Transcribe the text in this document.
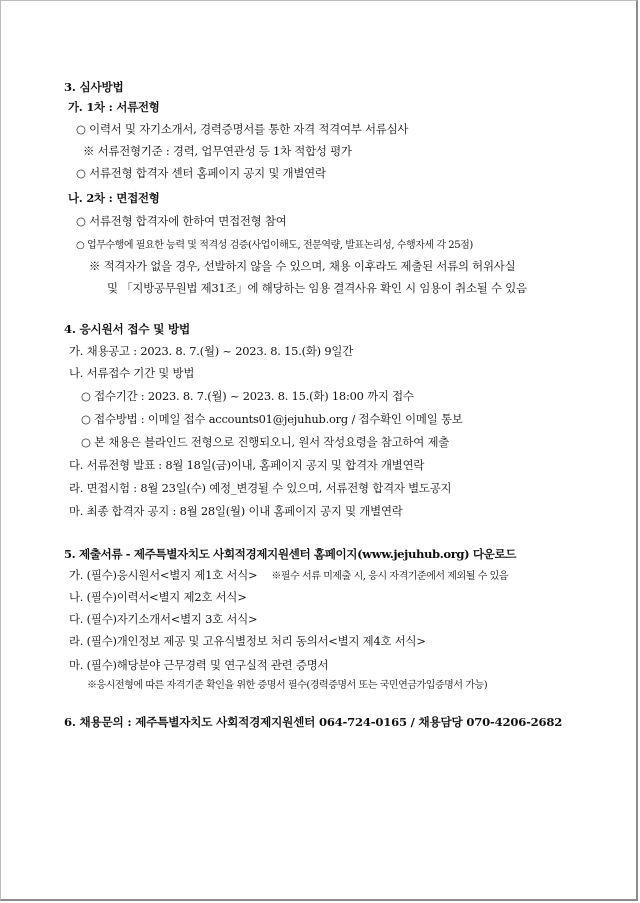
3. 심사방법
가. 1차 : 서류전형
○ 이력서 및 자기소개서, 경력증명서를 통한 자격 적격여부 서류심사
※ 서류전형기준 : 경력, 업무연관성 등 1차 적합성 평가
○ 서류전형 합격자 센터 홈페이지 공지 및 개별연락
나. 2차 : 면접전형
○ 서류전형 합격자에 한하여 면접전형 참여
○ 업무수행에 필요한 능력 및 적격성 검증(사업이해도, 전문역량, 발표논리성, 수행자세 각 25점)
※ 적격자가 없을 경우, 선발하지 않을 수 있으며, 채용 이후라도 제출된 서류의 허위사실
및 「지방공무원법 제31조」에 해당하는 임용 결격사유 확인 시 임용이 취소될 수 있음
4. 응시원서 접수 및 방법
가. 채용공고 : 2023. 8. 7.(월) ~ 2023. 8. 15.(화) 9일간
나. 서류접수 기간 및 방법
○ 접수기간 : 2023. 8. 7.(월) ~ 2023. 8. 15.(화) 18:00 까지 접수
○ 접수방법 : 이메일 접수 accounts01@jejuhub.org / 접수확인 이메일 통보
○ 본 채용은 블라인드 전형으로 진행되오니, 원서 작성요령을 참고하여 제출
다. 서류전형 발표 : 8월 18일(금)이내, 홈페이지 공지 및 합격자 개별연락
라. 면접시험 : 8월 23일(수) 예정_변경될 수 있으며, 서류전형 합격자 별도공지
마. 최종 합격자 공지 : 8월 28일(월) 이내 홈페이지 공지 및 개별연락
5. 제출서류 - 제주특별자치도 사회적경제지원센터 홈페이지(www.jejuhub.org) 다운로드
가. (필수)응시원서<별지 제1호 서식> ※필수 서류 미제출 시, 응시 자격기준에서 제외될 수 있음
나. (필수)이력서<별지 제2호 서식>
다. (필수)자기소개서<별지 3호 서식>
라. (필수)개인정보 제공 및 고유식별정보 처리 동의서<별지 제4호 서식>
마. (필수)해당분야 근무경력 및 연구실적 관련 증명서
※응시전형에 따른 자격기준 확인을 위한 증명서 필수(경력증명서 또는 국민연금가입증명서 가능)
6. 채용문의 : 제주특별자치도 사회적경제지원센터 064-724-0165 / 채용담당 070-4206-2682
